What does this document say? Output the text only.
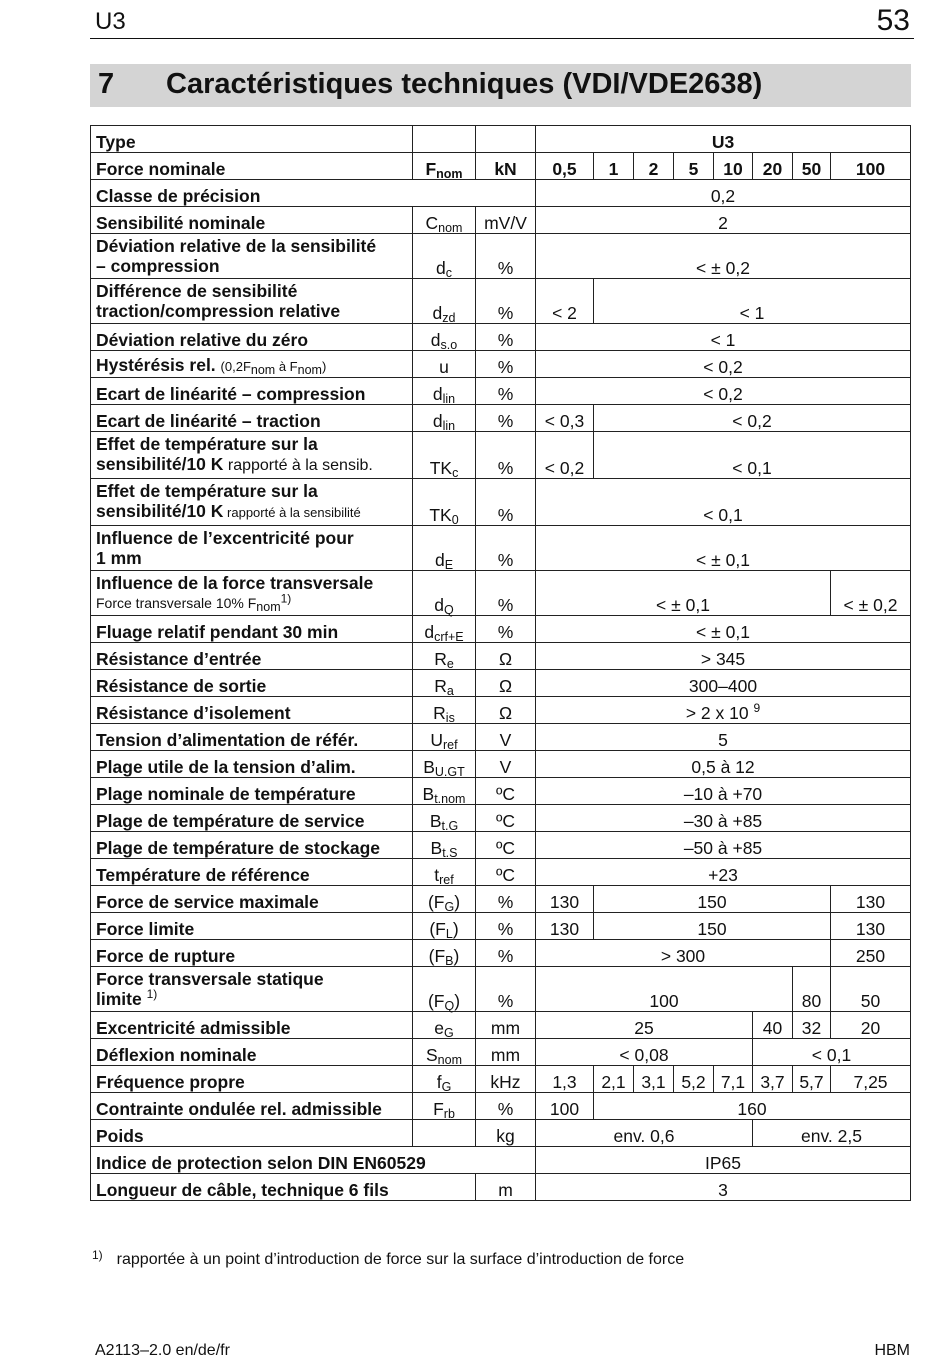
U3	53
7 Caractéristiques techniques (VDI/VDE2638)
Type			U3							
Force nominale	$F_{nom}$	kN	0,5	1	2	5	10	20	50	100
Classe de précision			0,2							
Sensibilité nominale	$C_{nom}$	mV/V	2							

Déviation relative de la sensibilité
– compression	$d_c$	%	< ± 0,2							

Différence de sensibilité
traction/compression relative	$d_{zd}$	%	< 2	< 1						
Déviation relative du zéro	$d_{s.o}$	%	< 1							
Hystérésis rel. ($0,2F_{nom}$ à $F_{nom}$)	u	%	< 0,2							
Ecart de linéarité – compression	$d_{lin}$	%	< 0,2							
Ecart de linéarité – traction	$d_{lin}$	%	< 0,3	< 0,2						

Effet de température sur la
sensibilité/10 K rapporté à la sensib.	$TK_c$	%	< 0,2	< 0,1						

Effet de température sur la
sensibilité/10 K rapporté à la sensibilité	$TK_0$	%	< 0,1							

Influence de l’excentricité pour
1 mm	$d_E$	%	< ± 0,1							

Influence de la force transversale
Force transversale 10% $F_{nom}^{1)}$	$d_Q$	%	< ± 0,1							< ± 0,2
Fluage relatif pendant 30 min	$d_{crf+E}$	%	< ± 0,1							
Résistance d’entrée	$R_e$	Ω	> 345							
Résistance de sortie	$R_a$	Ω	300–400							
Résistance d’isolement	$R_{is}$	Ω	> 2 x 10 $^9$
Tension d’alimentation de référ.	$U_{ref}$	V	5							
Plage utile de la tension d’alim.	$B_{U.GT}$	V	0,5 à 12							
Plage nominale de température	$B_{t.nom}$	ºC	–10 à +70							
Plage de température de service	$B_{t.G}$	ºC	–30 à +85							
Plage de température de stockage	$B_{t.S}$	ºC	–50 à +85							
Température de référence	$t_{ref}$	ºC	+23							
Force de service maximale	$(F_G)$	%	130	150						130
Force limite	$(F_L)$	%	130	150						130
Force de rupture	$(F_B)$	%	> 300							250

Force transversale statique
limite $^{1)}$	$(F_Q)$	%	100						80	50
Excentricité admissible	$e_G$	mm	25					40	32	20
Déflexion nominale	$S_{nom}$	mm	< 0,08					< 0,1		
Fréquence propre	$f_G$	kHz	1,3	2,1	3,1	5,2	7,1	3,7	5,7	7,25
Contrainte ondulée rel. admissible	$F_{rb}$	%	100	160						
Poids		kg	env. 0,6					env. 2,5		
Indice de protection selon DIN EN60529			IP65							
Longueur de câble, technique 6 fils		m	3							
$^{1)}$ rapportée à un point d’introduction de force sur la surface d’introduction de force
A2113–2.0 en/de/fr	HBM
